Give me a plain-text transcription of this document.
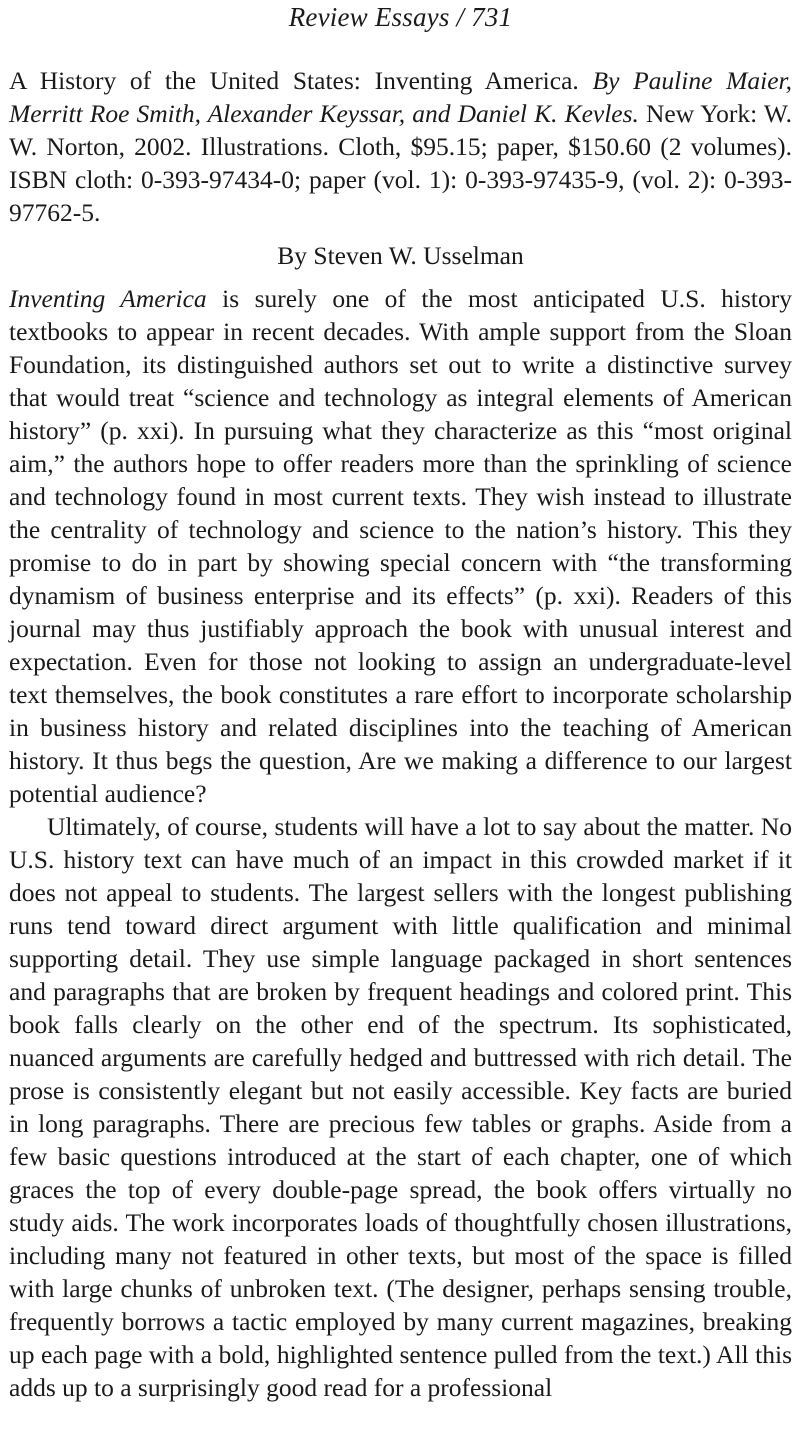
Review Essays / 731
A History of the United States: Inventing America. By Pauline Maier, Merritt Roe Smith, Alexander Keyssar, and Daniel K. Kevles. New York: W. W. Norton, 2002. Illustrations. Cloth, $95.15; paper, $150.60 (2 volumes). ISBN cloth: 0-393-97434-0; paper (vol. 1): 0-393-97435-9, (vol. 2): 0-393-97762-5.
By Steven W. Usselman

Inventing America is surely one of the most anticipated U.S. history textbooks to appear in recent decades. With ample support from the Sloan Foundation, its distinguished authors set out to write a distinctive survey that would treat “science and technology as integral elements of American history” (p. xxi). In pursuing what they characterize as this “most original aim,” the authors hope to offer readers more than the sprinkling of science and technology found in most current texts. They wish instead to illustrate the centrality of technology and science to the nation’s history. This they promise to do in part by showing special concern with “the transforming dynamism of business enterprise and its effects” (p. xxi). Readers of this journal may thus justifiably approach the book with unusual interest and expectation. Even for those not looking to assign an undergraduate-level text themselves, the book constitutes a rare effort to incorporate scholarship in business history and related disciplines into the teaching of American history. It thus begs the question, Are we making a difference to our largest potential audience?

Ultimately, of course, students will have a lot to say about the matter. No U.S. history text can have much of an impact in this crowded market if it does not appeal to students. The largest sellers with the longest publishing runs tend toward direct argument with little qualification and minimal supporting detail. They use simple language packaged in short sentences and paragraphs that are broken by frequent headings and colored print. This book falls clearly on the other end of the spectrum. Its sophisticated, nuanced arguments are carefully hedged and buttressed with rich detail. The prose is consistently elegant but not easily accessible. Key facts are buried in long paragraphs. There are precious few tables or graphs. Aside from a few basic questions introduced at the start of each chapter, one of which graces the top of every double-page spread, the book offers virtually no study aids. The work incorporates loads of thoughtfully chosen illustrations, including many not featured in other texts, but most of the space is filled with large chunks of unbroken text. (The designer, perhaps sensing trouble, frequently borrows a tactic employed by many current magazines, breaking up each page with a bold, highlighted sentence pulled from the text.) All this adds up to a surprisingly good read for a professional
